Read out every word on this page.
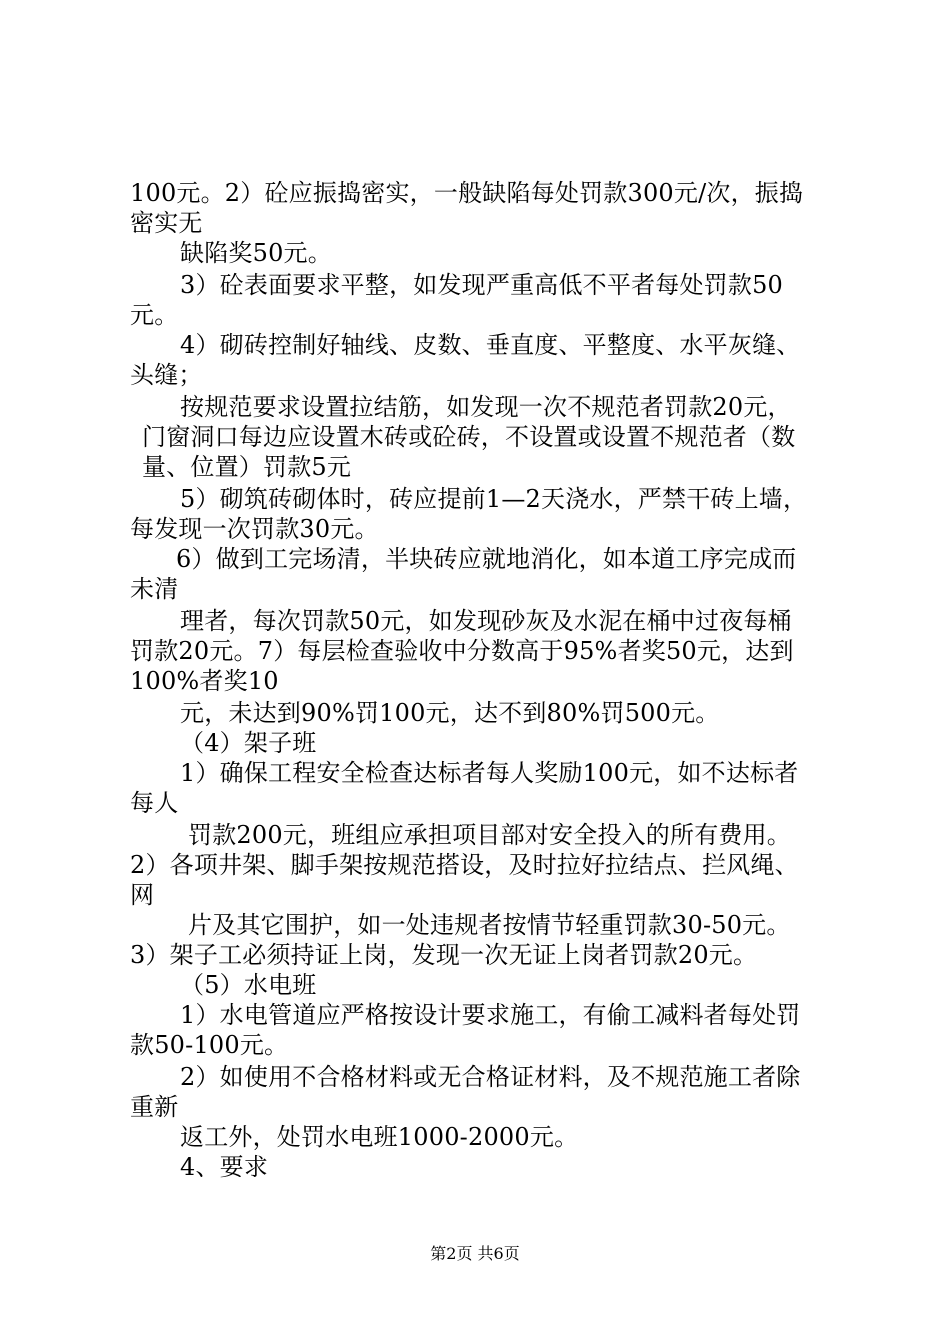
100元。2）砼应振捣密实，一般缺陷每处罚款300元/次，振捣
密实无
缺陷奖50元。
3）砼表面要求平整，如发现严重高低不平者每处罚款50
元。
4）砌砖控制好轴线、皮数、垂直度、平整度、水平灰缝、
头缝；
按规范要求设置拉结筋，如发现一次不规范者罚款20元，
门窗洞口每边应设置木砖或砼砖，不设置或设置不规范者（数
量、位置）罚款5元
5）砌筑砖砌体时，砖应提前1—2天浇水，严禁干砖上墙，
每发现一次罚款30元。
6）做到工完场清，半块砖应就地消化，如本道工序完成而
未清
理者，每次罚款50元，如发现砂灰及水泥在桶中过夜每桶
罚款20元。7）每层检查验收中分数高于95%者奖50元，达到
100%者奖10
元，未达到90%罚100元，达不到80%罚500元。
（4）架子班
1）确保工程安全检查达标者每人奖励100元，如不达标者
每人
罚款200元，班组应承担项目部对安全投入的所有费用。
2）各项井架、脚手架按规范搭设，及时拉好拉结点、拦风绳、
网
片及其它围护，如一处违规者按情节轻重罚款30-50元。
3）架子工必须持证上岗，发现一次无证上岗者罚款20元。
（5）水电班
1）水电管道应严格按设计要求施工，有偷工减料者每处罚
款50-100元。
2）如使用不合格材料或无合格证材料，及不规范施工者除
重新
返工外，处罚水电班1000-2000元。
4、要求
第2页 共6页
